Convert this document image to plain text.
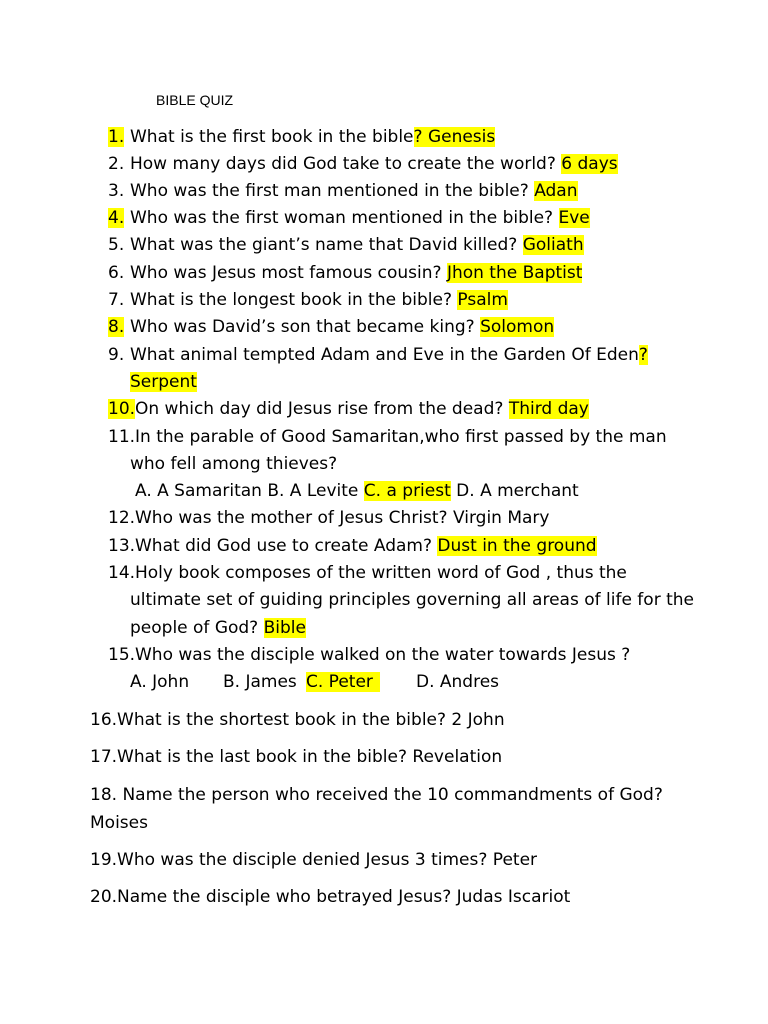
BIBLE QUIZ
1. What is the first book in the bible? Genesis
2. How many days did God take to create the world? 6 days
3. Who was the first man mentioned in the bible? Adan
4. Who was the first woman mentioned in the bible? Eve
5. What was the giant’s name that David killed? Goliath
6. Who was Jesus most famous cousin? Jhon the Baptist
7. What is the longest book in the bible? Psalm
8. Who was David’s son that became king? Solomon
9. What animal tempted Adam and Eve in the Garden Of Eden?
Serpent
10. On which day did Jesus rise from the dead? Third day
11. In the parable of Good Samaritan,who first passed by the man
who fell among thieves?
A. A Samaritan B. A Levite C. a priest D. A merchant
12. Who was the mother of Jesus Christ? Virgin Mary
13. What did God use to create Adam? Dust in the ground
14. Holy book composes of the written word of God , thus the
ultimate set of guiding principles governing all areas of life for the
people of God? Bible
15. Who was the disciple walked on the water towards Jesus ?
A. John B. James C. Peter	D. Andres
16.What is the shortest book in the bible? 2 John
17.What is the last book in the bible? Revelation
18. Name the person who received the 10 commandments of God?
Moises
19.Who was the disciple denied Jesus 3 times? Peter
20.Name the disciple who betrayed Jesus? Judas Iscariot
